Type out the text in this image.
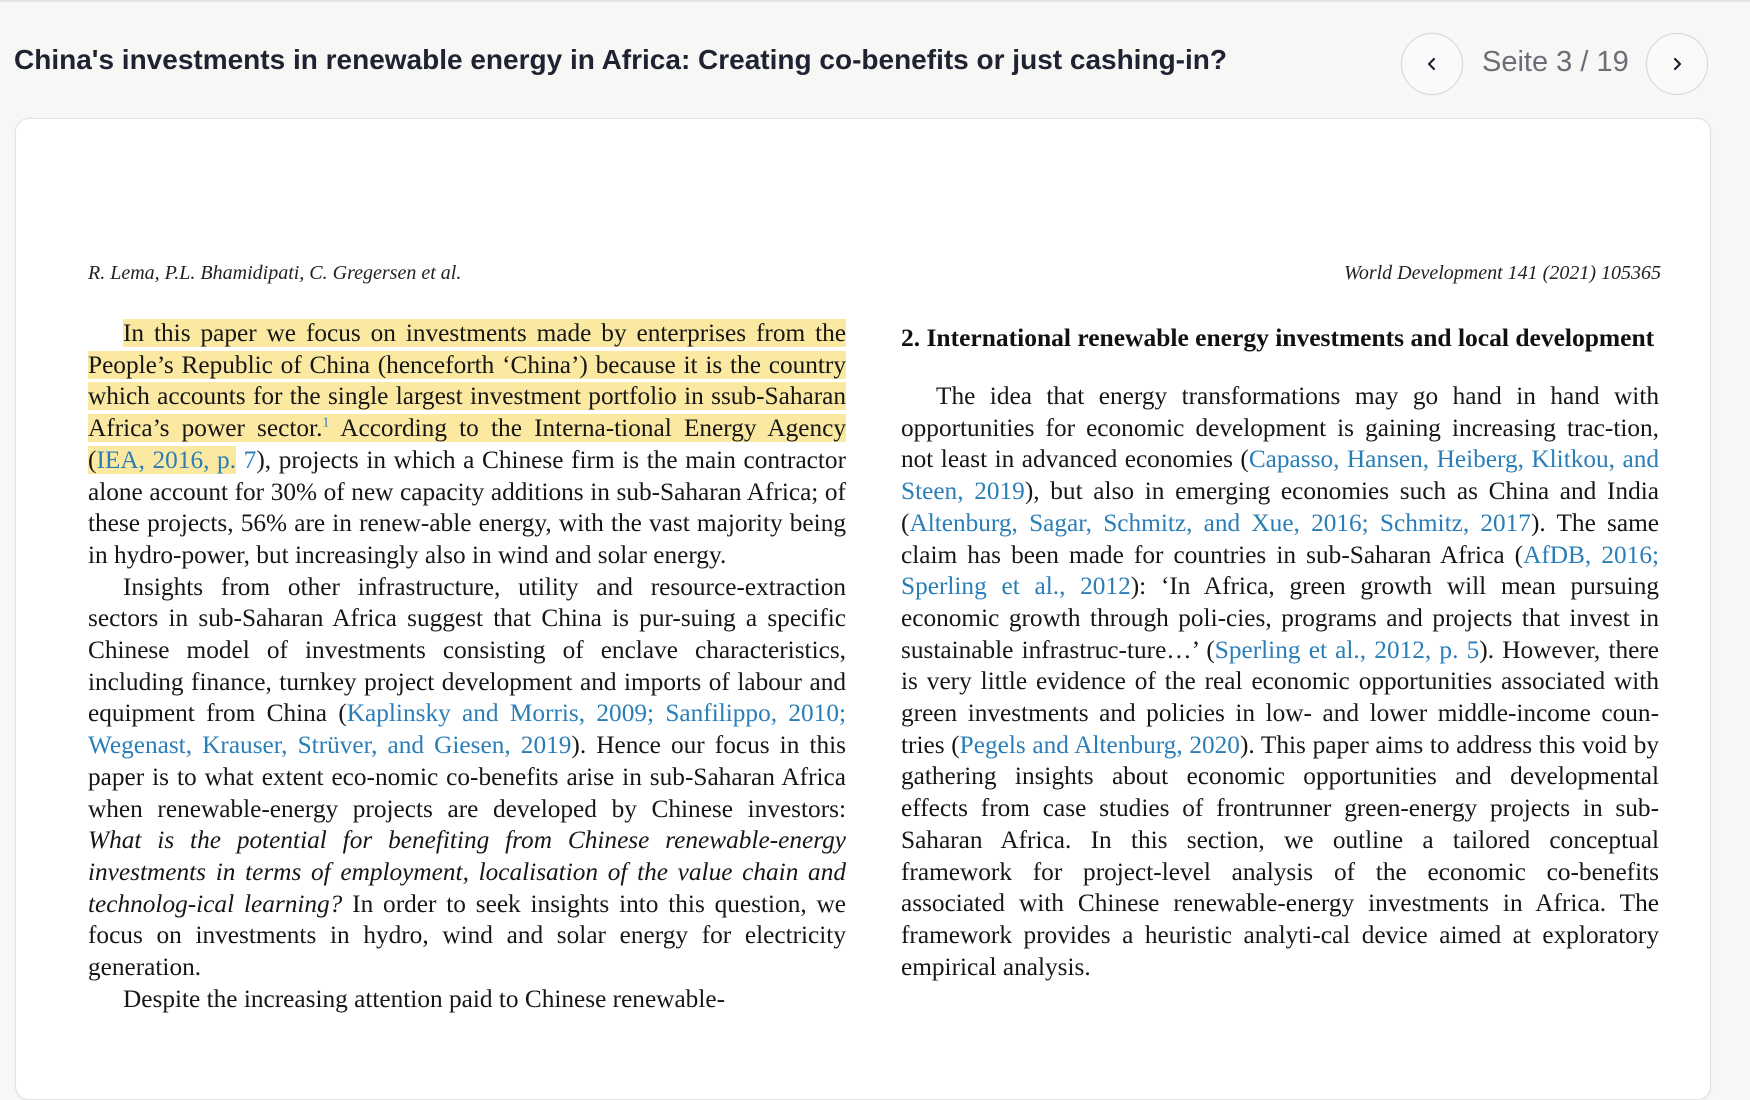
China's investments in renewable energy in Africa: Creating co-benefits or just cashing-in?	Seite 3 / 19
R. Lema, P.L. Bhamidipati, C. Gregersen et al.	World Development 141 (2021) 105365

In this paper we focus on investments made by enterprises from the People’s Republic of China (henceforth ‘China’) because it is the country which accounts for the single largest investment portfolio in ssub-Saharan Africa’s power sector.$^1$ According to the Interna-tional Energy Agency (IEA, 2016, p. 7), projects in which a Chinese firm is the main contractor alone account for 30% of new capacity additions in sub-Saharan Africa; of these projects, 56% are in renew-able energy, with the vast majority being in hydro-power, but increasingly also in wind and solar energy.

Insights from other infrastructure, utility and resource-extraction sectors in sub-Saharan Africa suggest that China is pur-suing a specific Chinese model of investments consisting of enclave characteristics, including finance, turnkey project development and imports of labour and equipment from China (Kaplinsky and Morris, 2009; Sanfilippo, 2010; Wegenast, Krauser, Strüver, and Giesen, 2019). Hence our focus in this paper is to what extent eco-nomic co-benefits arise in sub-Saharan Africa when renewable-energy projects are developed by Chinese investors: What is the potential for benefiting from Chinese renewable-energy investments in terms of employment, localisation of the value chain and technolog-ical learning? In order to seek insights into this question, we focus on investments in hydro, wind and solar energy for electricity generation.

Despite the increasing attention paid to Chinese renewable-

2. International renewable energy investments and local development

The idea that energy transformations may go hand in hand with opportunities for economic development is gaining increasing trac-tion, not least in advanced economies (Capasso, Hansen, Heiberg, Klitkou, and Steen, 2019), but also in emerging economies such as China and India (Altenburg, Sagar, Schmitz, and Xue, 2016; Schmitz, 2017). The same claim has been made for countries in sub-Saharan Africa (AfDB, 2016; Sperling et al., 2012): ‘In Africa, green growth will mean pursuing economic growth through poli-cies, programs and projects that invest in sustainable infrastruc-ture…’ (Sperling et al., 2012, p. 5). However, there is very little evidence of the real economic opportunities associated with green investments and policies in low- and lower middle-income coun-tries (Pegels and Altenburg, 2020). This paper aims to address this void by gathering insights about economic opportunities and developmental effects from case studies of frontrunner green-energy projects in sub-Saharan Africa. In this section, we outline a tailored conceptual framework for project-level analysis of the economic co-benefits associated with Chinese renewable-energy investments in Africa. The framework provides a heuristic analyti-cal device aimed at exploratory empirical analysis.
